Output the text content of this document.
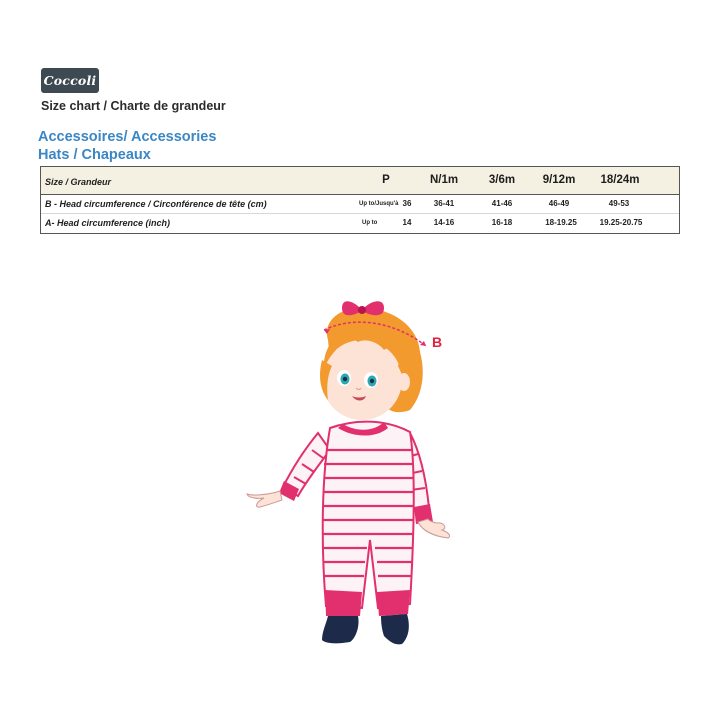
Coccoli
Size chart / Charte de grandeur
Accessoires/ Accessories
Hats / Chapeaux
Size / Grandeur	P	N/1m	3/6m 9/12m 18/24m
B - Head circumference / Circonférence de tête (cm)	Up to/Jusqu'à 36	36-41	41-46	46-49	49-53
A- Head circumference (inch)	Up to	14	14-16	16-18	18-19.25	19.25-20.75
B
